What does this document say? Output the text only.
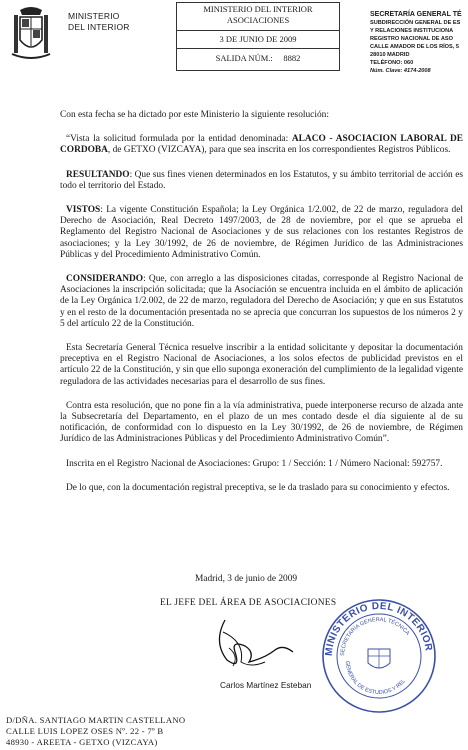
MINISTERIO
DEL INTERIOR
MINISTERIO DEL INTERIOR
ASOCIACIONES
3 DE JUNIO DE 2009
SALIDA NÚM.: 8882
SECRETARÍA GENERAL TÉ
SUBDIRECCIÓN GENERAL DE ES
Y RELACIONES INSTITUCIONA
REGISTRO NACIONAL DE ASO
CALLE AMADOR DE LOS RÍOS, 5
28010 MADRID
TELÉFONO: 060
Núm. Clave: 4174-2008

Con esta fecha se ha dictado por este Ministerio la siguiente resolución:

“Vista la solicitud formulada por la entidad denominada: ALACO - ASOCIACION LABORAL DE CORDOBA, de GETXO (VIZCAYA), para que sea inscrita en los correspondientes Registros Públicos.

RESULTANDO: Que sus fines vienen determinados en los Estatutos, y su ámbito territorial de acción es todo el territorio del Estado.

VISTOS: La vigente Constitución Española; la Ley Orgánica 1/2.002, de 22 de marzo, reguladora del Derecho de Asociación, Real Decreto 1497/2003, de 28 de noviembre, por el que se aprueba el Reglamento del Registro Nacional de Asociaciones y de sus relaciones con los restantes Registros de asociaciones; y la Ley 30/1992, de 26 de noviembre, de Régimen Jurídico de las Administraciones Públicas y del Procedimiento Administrativo Común.

CONSIDERANDO: Que, con arreglo a las disposiciones citadas, corresponde al Registro Nacional de Asociaciones la inscripción solicitada; que la Asociación se encuentra incluida en el ámbito de aplicación de la Ley Orgánica 1/2.002, de 22 de marzo, reguladora del Derecho de Asociación; y que en sus Estatutos y en el resto de la documentación presentada no se aprecia que concurran los supuestos de los números 2 y 5 del artículo 22 de la Constitución.

Esta Secretaría General Técnica resuelve inscribir a la entidad solicitante y depositar la documentación preceptiva en el Registro Nacional de Asociaciones, a los solos efectos de publicidad previstos en el artículo 22 de la Constitución, y sin que ello suponga exoneración del cumplimiento de la legalidad vigente reguladora de las actividades necesarias para el desarrollo de sus fines.

Contra esta resolución, que no pone fin a la vía administrativa, puede interponerse recurso de alzada ante la Subsecretaría del Departamento, en el plazo de un mes contado desde el día siguiente al de su notificación, de conformidad con lo dispuesto en la Ley 30/1992, de 26 de noviembre, de Régimen Jurídico de las Administraciones Públicas y del Procedimiento Administrativo Común”.

Inscrita en el Registro Nacional de Asociaciones: Grupo: 1 / Sección: 1 / Número Nacional: 592757.

De lo que, con la documentación registral preceptiva, se le da traslado para su conocimiento y efectos.

Madrid, 3 de junio de 2009
EL JEFE DEL ÁREA DE ASOCIACIONES
Carlos Martínez Esteban
MINISTERIO DEL INTERIOR
SECRETARÍA GENERAL TÉCNICA
GENERAL DE ESTUDIOS Y REL
D/DÑA. SANTIAGO MARTIN CASTELLANO
CALLE LUIS LOPEZ OSES Nº. 22 - 7º B
48930 - AREETA - GETXO (VIZCAYA)
